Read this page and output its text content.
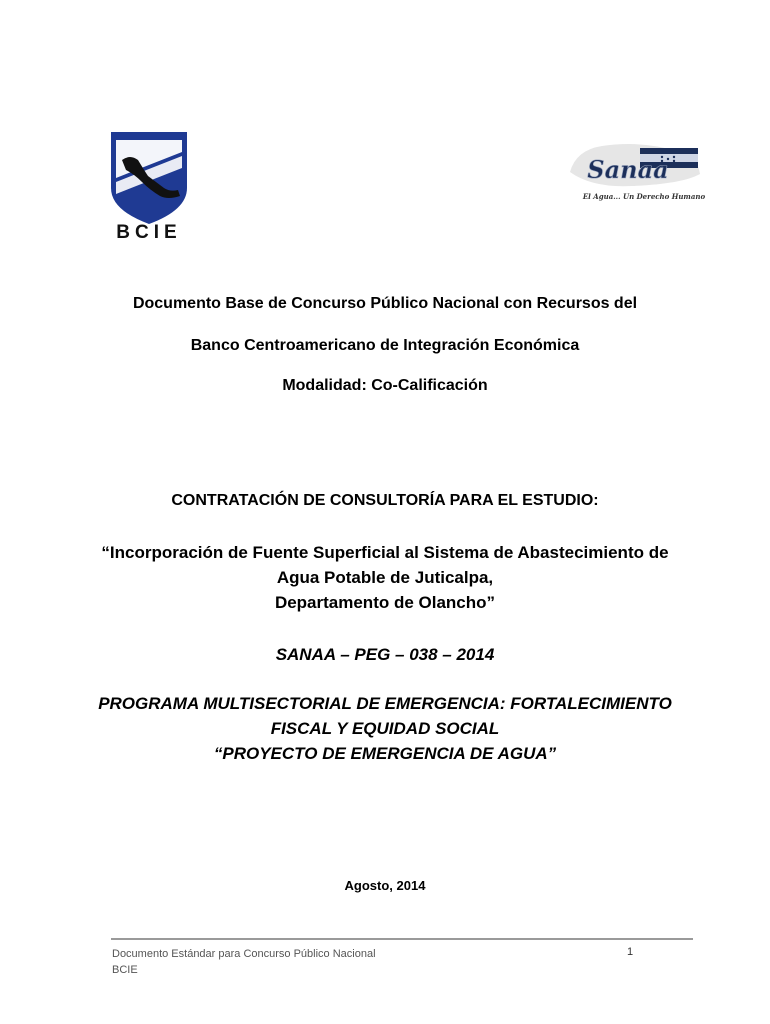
BCIE
Sanaa
El Agua... Un Derecho Humano
Documento Base de Concurso Público Nacional con Recursos del
Banco Centroamericano de Integración Económica
Modalidad: Co-Calificación
CONTRATACIÓN DE CONSULTORÍA PARA EL ESTUDIO:
“Incorporación de Fuente Superficial al Sistema de Abastecimiento de
Agua Potable de Juticalpa,
Departamento de Olancho”
SANAA – PEG – 038 – 2014
PROGRAMA MULTISECTORIAL DE EMERGENCIA: FORTALECIMIENTO
FISCAL Y EQUIDAD SOCIAL
“PROYECTO DE EMERGENCIA DE AGUA”
Agosto, 2014
Documento Estándar para Concurso Público Nacional
BCIE
1
